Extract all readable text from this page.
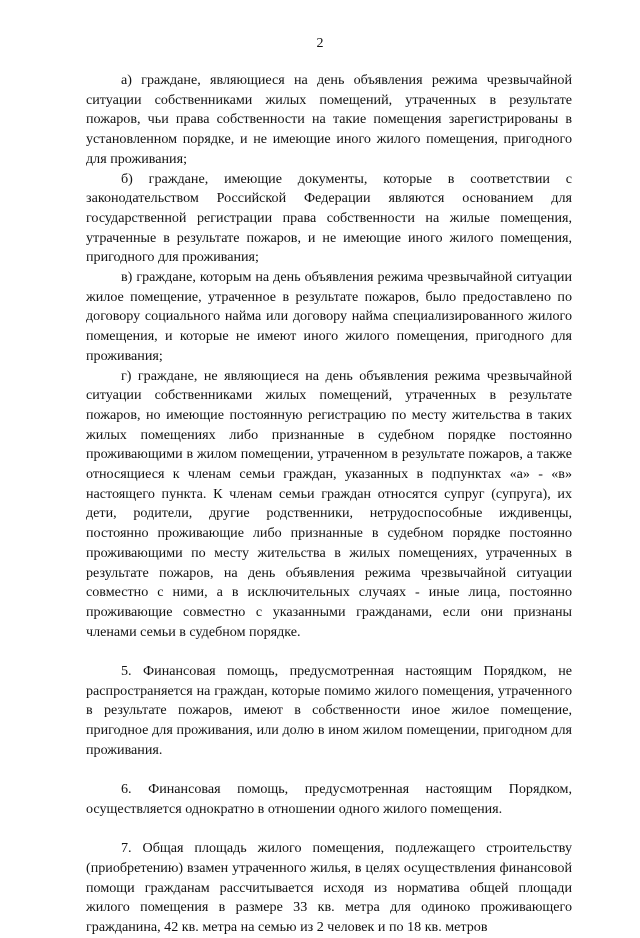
2

а) граждане, являющиеся на день объявления режима чрезвычайной ситуации собственниками жилых помещений, утраченных в результате пожаров, чьи права собственности на такие помещения зарегистрированы в установленном порядке, и не имеющие иного жилого помещения, пригодного для проживания;

б) граждане, имеющие документы, которые в соответствии с законодательством Российской Федерации являются основанием для государственной регистрации права собственности на жилые помещения, утраченные в результате пожаров, и не имеющие иного жилого помещения, пригодного для проживания;

в) граждане, которым на день объявления режима чрезвычайной ситуации жилое помещение, утраченное в результате пожаров, было предоставлено по договору социального найма или договору найма специализированного жилого помещения, и которые не имеют иного жилого помещения, пригодного для проживания;

г) граждане, не являющиеся на день объявления режима чрезвычайной ситуации собственниками жилых помещений, утраченных в результате пожаров, но имеющие постоянную регистрацию по месту жительства в таких жилых помещениях либо признанные в судебном порядке постоянно проживающими в жилом помещении, утраченном в результате пожаров, а также относящиеся к членам семьи граждан, указанных в подпунктах «а» - «в» настоящего пункта. К членам семьи граждан относятся супруг (супруга), их дети, родители, другие родственники, нетрудоспособные иждивенцы, постоянно проживающие либо признанные в судебном порядке постоянно проживающими по месту жительства в жилых помещениях, утраченных в результате пожаров, на день объявления режима чрезвычайной ситуации совместно с ними, а в исключительных случаях - иные лица, постоянно проживающие совместно с указанными гражданами, если они признаны членами семьи в судебном порядке.

5. Финансовая помощь, предусмотренная настоящим Порядком, не распространяется на граждан, которые помимо жилого помещения, утраченного в результате пожаров, имеют в собственности иное жилое помещение, пригодное для проживания, или долю в ином жилом помещении, пригодном для проживания.

6. Финансовая помощь, предусмотренная настоящим Порядком, осуществляется однократно в отношении одного жилого помещения.

7. Общая площадь жилого помещения, подлежащего строительству (приобретению) взамен утраченного жилья, в целях осуществления финансовой помощи гражданам рассчитывается исходя из норматива общей площади жилого помещения в размере 33 кв. метра для одиноко проживающего гражданина, 42 кв. метра на семью из 2 человек и по 18 кв. метров
